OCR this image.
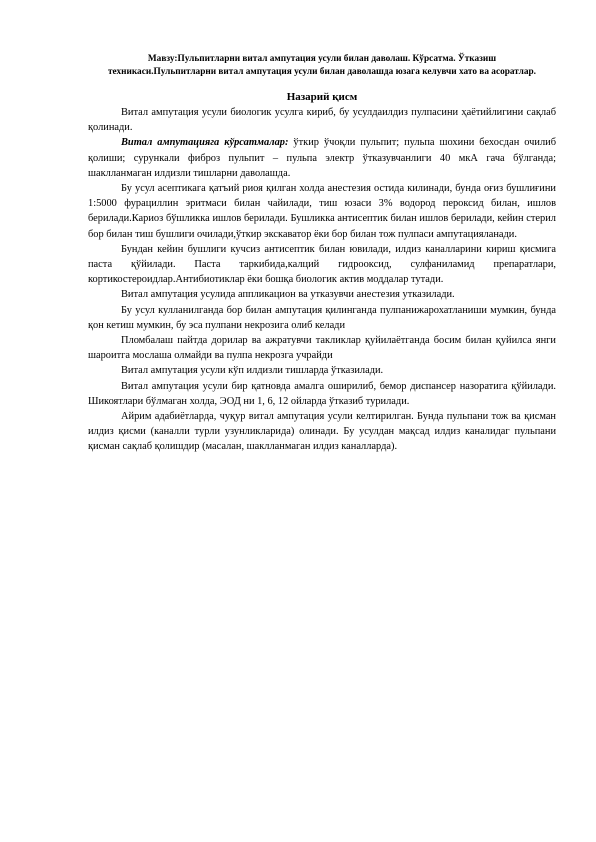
Мавзу:Пульпитларни витал ампутация усули билан даволаш. Кўрсатма. Ўтказиш
техникаси.Пульпитларни витал ампутация усули билан даволашда юзага келувчи хато ва асоратлар.
Назарий қисм

Витал ампутация усули биологик усулга кириб, бу усулдаилдиз пулпасини ҳаётийлигини сақлаб қолинади.

Витал ампутацияга кўрсатмалар: ўткир ўчоқли пульпит; пульпа шохини бехосдан очилиб қолиши; сурункали фиброз пульпит – пульпа электр ўтказувчанлиги 40 мкА гача бўлганда; шаклланмаган илдизли тишларни даволашда.

Бу усул асептикага қатъий риоя қилган холда анестезия остида килинади, бунда оғиз бушлиғини 1:5000 фурациллин эритмаси билан чайилади, тиш юзаси 3% водород пероксид билан, ишлов берилади.Кариоз бўшликка ишлов берилади. Бушликка антисептик билан ишлов берилади, кейин стерил бор билан тиш бушлиги очилади,ўткир экскаватор ёки бор билан тож пулпаси ампутацияланади.

Бундан кейин бушлиги кучсиз антисептик билан ювилади, илдиз каналларини кириш қисмига паста қўйилади. Паста таркибида,калций гидрооксид, сулфаниламид препаратлари, кортикостероидлар.Антибиотиклар ёки бошқа биологик актив моддалар тутади.

Витал ампутация усулида аппликацион ва утказувчи анестезия утказилади.

Бу усул кулланилганда бор билан ампутация қилинганда пулпанижарохатланиши мумкин, бунда қон кетиш мумкин, бу эса пулпани некрозига олиб келади

Пломбалаш пайтда дорилар ва ажратувчи такликлар қуйилаётганда босим билан қуйилса янги шароитга мослаша олмайди ва пулпа некрозга учрайди

Витал ампутация усули кўп илдизли тишларда ўтказилади.

Витал ампутация усули бир қатновда амалга оширилиб, бемор диспансер назоратига қўйилади. Шикоятлари бўлмаган холда, ЭОД ни 1, 6, 12 ойларда ўтказиб турилади.

Айрим адабиётларда, чуқур витал ампутация усули келтирилган. Бунда пульпани тож ва қисман илдиз қисми (каналли турли узунликларида) олинади. Бу усулдан мақсад илдиз каналидаг пульпани қисман сақлаб қолишдир (масалан, шаклланмаган илдиз каналларда).
